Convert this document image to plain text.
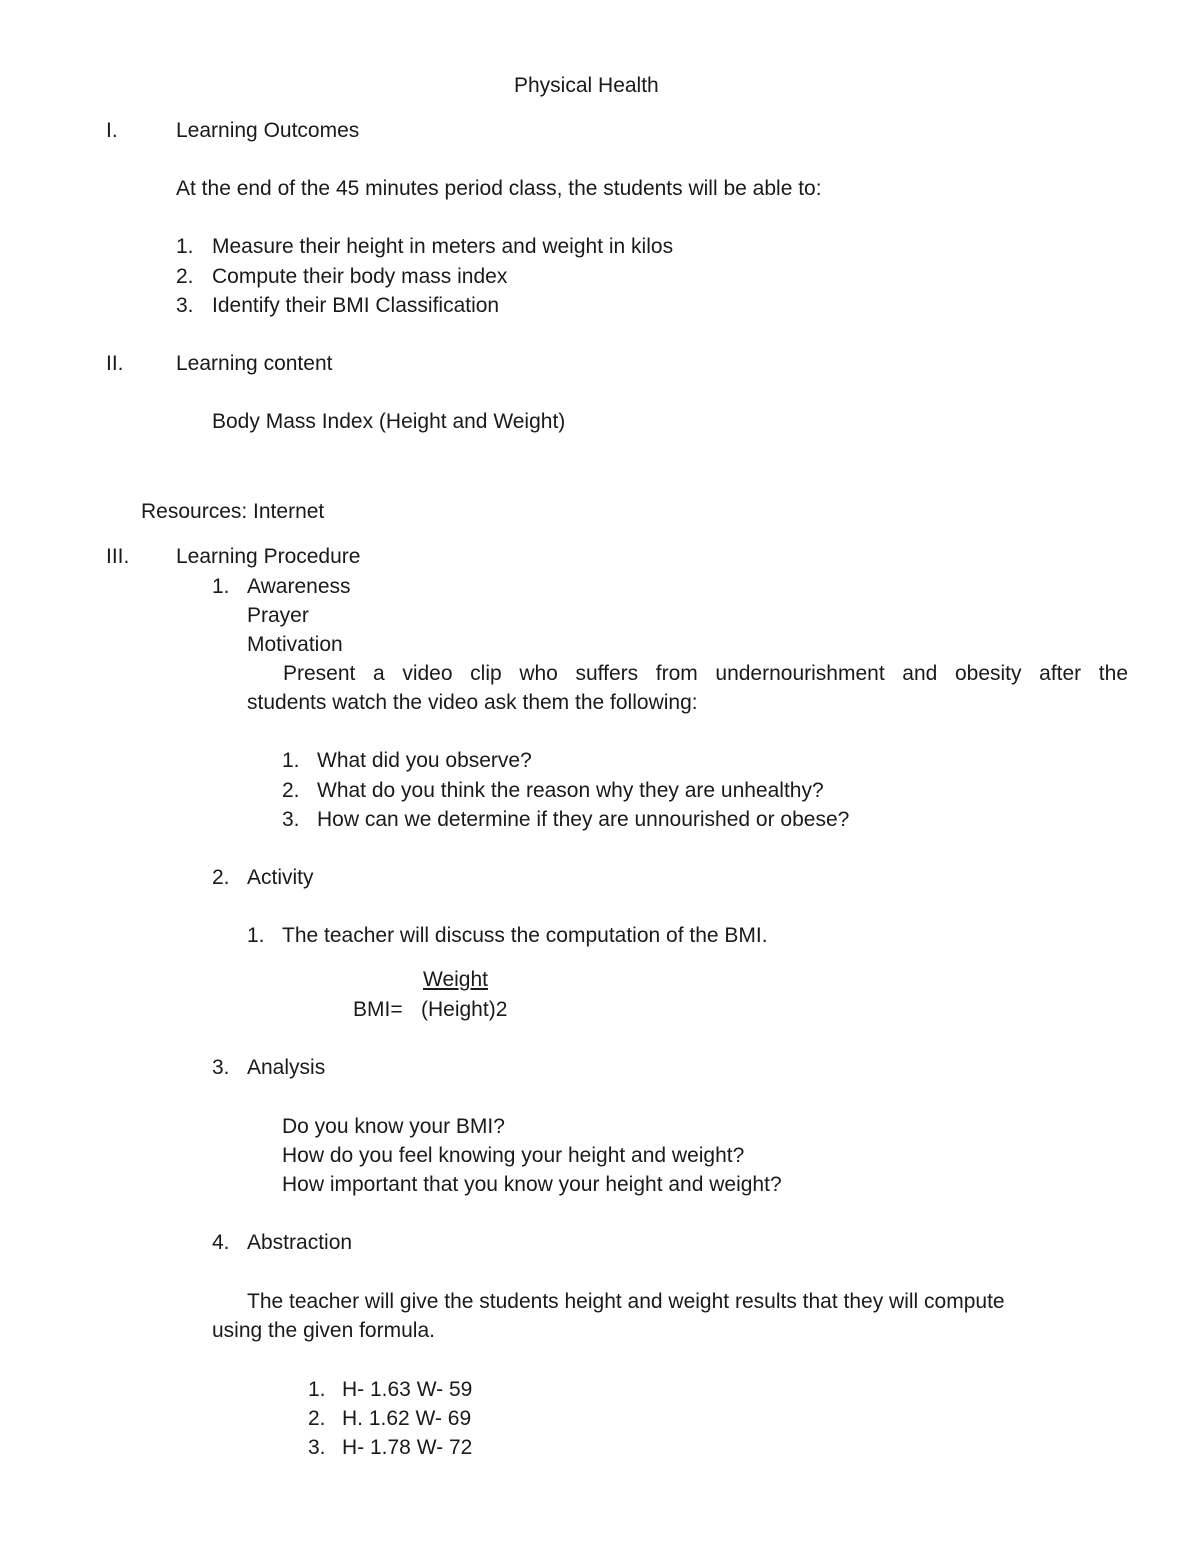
Physical Health
I.	Learning Outcomes
At the end of the 45 minutes period class, the students will be able to:
1. Measure their height in meters and weight in kilos
2. Compute their body mass index
3. Identify their BMI Classification
II. Learning content
Body Mass Index (Height and Weight)
Resources: Internet
III. Learning Procedure
1. Awareness
Prayer
Motivation
Present a video clip who suffers from undernourishment and obesity after the
students watch the video ask them the following:
1. What did you observe?
2. What do you think the reason why they are unhealthy?
3. How can we determine if they are unnourished or obese?
2. Activity
1. The teacher will discuss the computation of the BMI.
Weight
BMI= (Height)2
3. Analysis
Do you know your BMI?
How do you feel knowing your height and weight?
How important that you know your height and weight?
4. Abstraction
The teacher will give the students height and weight results that they will compute
using the given formula.
1. H- 1.63 W- 59
2. H. 1.62 W- 69
3. H- 1.78 W- 72
